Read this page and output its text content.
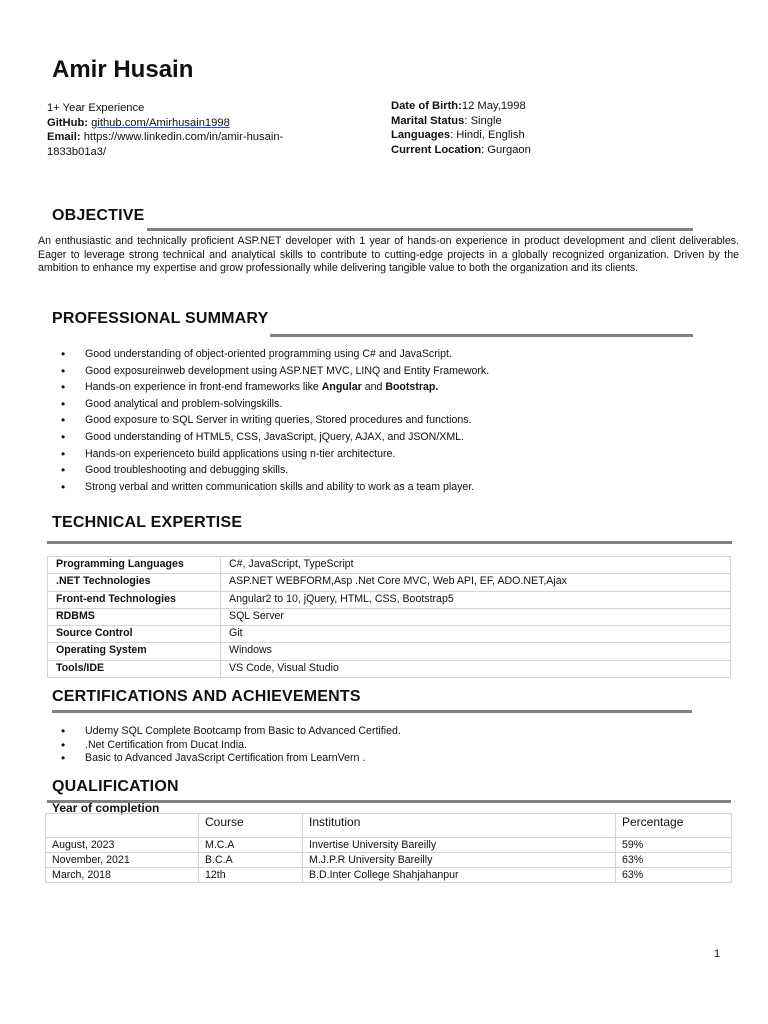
Amir Husain
1+ Year Experience
GitHub: github.com/Amirhusain1998
Email: https://www.linkedin.com/in/amir-husain-1833b01a3/
Date of Birth:12 May,1998
Marital Status: Single
Languages: Hindi, English
Current Location: Gurgaon
OBJECTIVE

An enthusiastic and technically proficient ASP.NET developer with 1 year of hands-on experience in product development and client deliverables. Eager to leverage strong technical and analytical skills to contribute to cutting-edge projects in a globally recognized organization. Driven by the ambition to enhance my expertise and grow professionally while delivering tangible value to both the organization and its clients.

PROFESSIONAL SUMMARY
• Good understanding of object-oriented programming using C# and JavaScript.
• Good exposureinweb development using ASP.NET MVC, LINQ and Entity Framework.
• Hands-on experience in front-end frameworks like Angular and Bootstrap.
• Good analytical and problem-solvingskills.
• Good exposure to SQL Server in writing queries, Stored procedures and functions.
• Good understanding of HTML5, CSS, JavaScript, jQuery, AJAX, and JSON/XML.
• Hands-on experienceto build applications using n-tier architecture.
• Good troubleshooting and debugging skills.
• Strong verbal and written communication skills and ability to work as a team player.
TECHNICAL EXPERTISE
Programming Languages	C#, JavaScript, TypeScript
.NET Technologies	ASP.NET WEBFORM,Asp .Net Core MVC, Web API, EF, ADO.NET,Ajax
Front-end Technologies	Angular2 to 10, jQuery, HTML, CSS, Bootstrap5
RDBMS	SQL Server
Source Control	Git
Operating System	Windows
Tools/IDE	VS Code, Visual Studio
CERTIFICATIONS AND ACHIEVEMENTS
• Udemy SQL Complete Bootcamp from Basic to Advanced Certified.
• .Net Certification from Ducat India.
• Basic to Advanced JavaScript Certification from LearnVern .
QUALIFICATION
Year of completion
	Course	Institution	Percentage
August, 2023	M.C.A	Invertise University Bareilly	59%
November, 2021	B.C.A	M.J.P.R University Bareilly	63%
March, 2018	12th	B.D.Inter College Shahjahanpur	63%
1
